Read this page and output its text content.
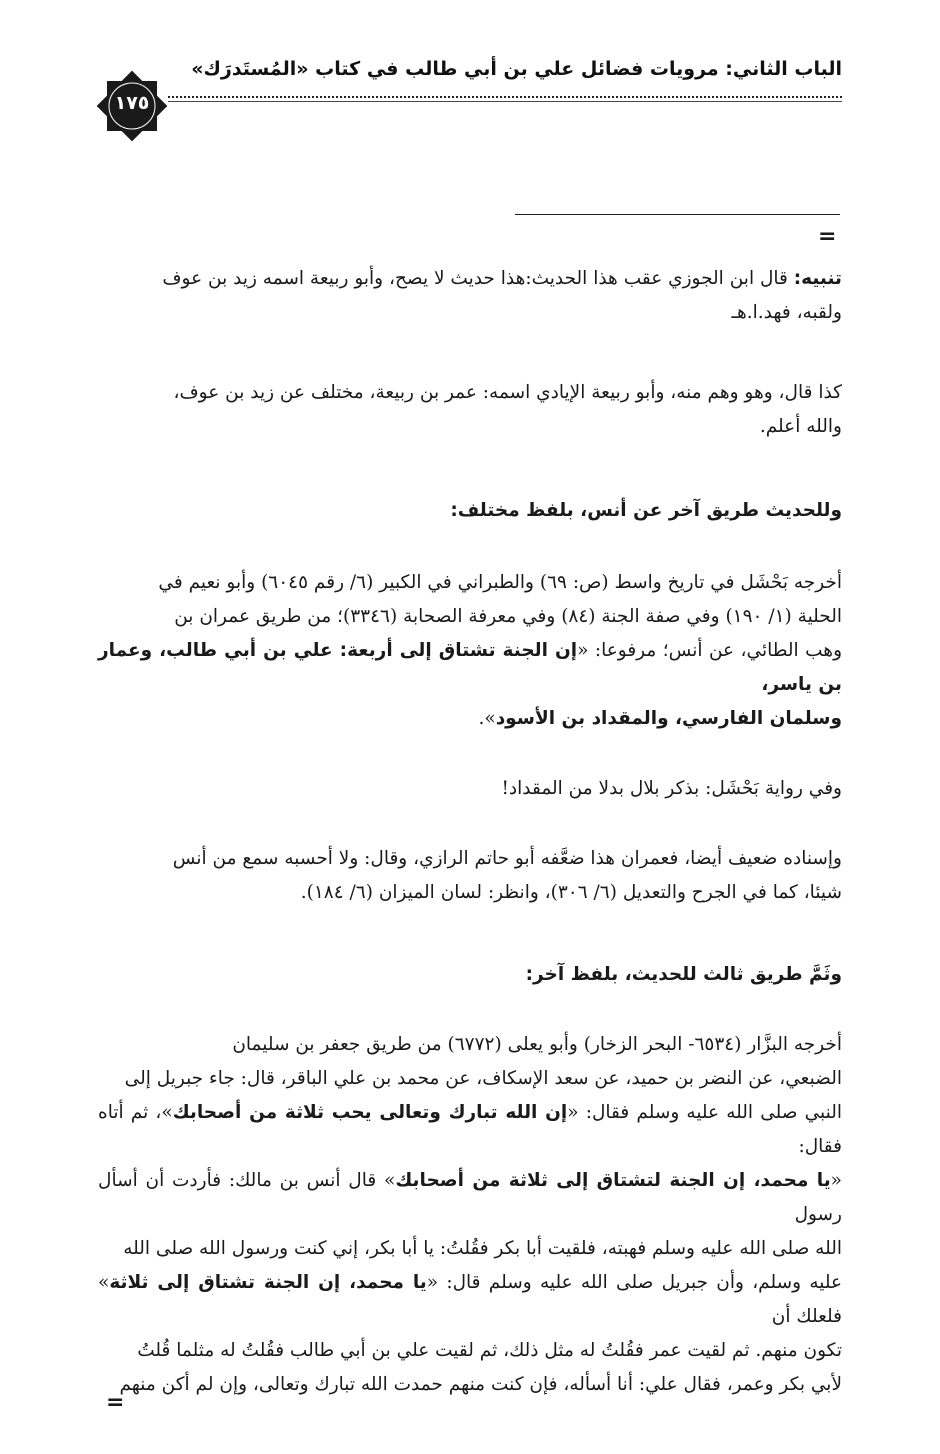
الباب الثاني: مرويات فضائل علي بن أبي طالب في كتاب «المُستَدرَك»
١٧٥
=
تنبيه: قال ابن الجوزي عقب هذا الحديث:هذا حديث لا يصح، وأبو ربيعة اسمه زيد بن عوف
ولقبه، فهد.ا.هـ
كذا قال، وهو وهم منه، وأبو ربيعة الإيادي اسمه: عمر بن ربيعة، مختلف عن زيد بن عوف،
والله أعلم.
وللحديث طريق آخر عن أنس، بلفظ مختلف:
أخرجه بَحْشَل في تاريخ واسط (ص: ٦٩) والطبراني في الكبير (٦/ رقم ٦٠٤٥) وأبو نعيم في
الحلية (١/ ١٩٠) وفي صفة الجنة (٨٤) وفي معرفة الصحابة (٣٣٤٦)؛ من طريق عمران بن
وهب الطائي، عن أنس؛ مرفوعا: «إن الجنة تشتاق إلى أربعة: علي بن أبي طالب، وعمار بن ياسر،
وسلمان الفارسي، والمقداد بن الأسود».
وفي رواية بَحْشَل: بذكر بلال بدلا من المقداد!
وإسناده ضعيف أيضا، فعمران هذا ضعَّفه أبو حاتم الرازي، وقال: ولا أحسبه سمع من أنس
شيئا، كما في الجرح والتعديل (٦/ ٣٠٦)، وانظر: لسان الميزان (٦/ ١٨٤).
وثَمَّ طريق ثالث للحديث، بلفظ آخر:
أخرجه البزَّار (٦٥٣٤- البحر الزخار) وأبو يعلى (٦٧٧٢) من طريق جعفر بن سليمان
الضبعي، عن النضر بن حميد، عن سعد الإسكاف، عن محمد بن علي الباقر، قال: جاء جبريل إلى
النبي صلى الله عليه وسلم فقال: «إن الله تبارك وتعالى يحب ثلاثة من أصحابك»، ثم أتاه فقال:
«يا محمد، إن الجنة لتشتاق إلى ثلاثة من أصحابك» قال أنس بن مالك: فأردت أن أسأل رسول
الله صلى الله عليه وسلم فهبته، فلقيت أبا بكر فقُلتُ: يا أبا بكر، إني كنت ورسول الله صلى الله
عليه وسلم، وأن جبريل صلى الله عليه وسلم قال: «يا محمد، إن الجنة تشتاق إلى ثلاثة» فلعلك أن
تكون منهم. ثم لقيت عمر فقُلتُ له مثل ذلك، ثم لقيت علي بن أبي طالب فقُلتُ له مثلما قُلتُ
لأبي بكر وعمر، فقال علي: أنا أسأله، فإن كنت منهم حمدت الله تبارك وتعالى، وإن لم أكن منهم
=
